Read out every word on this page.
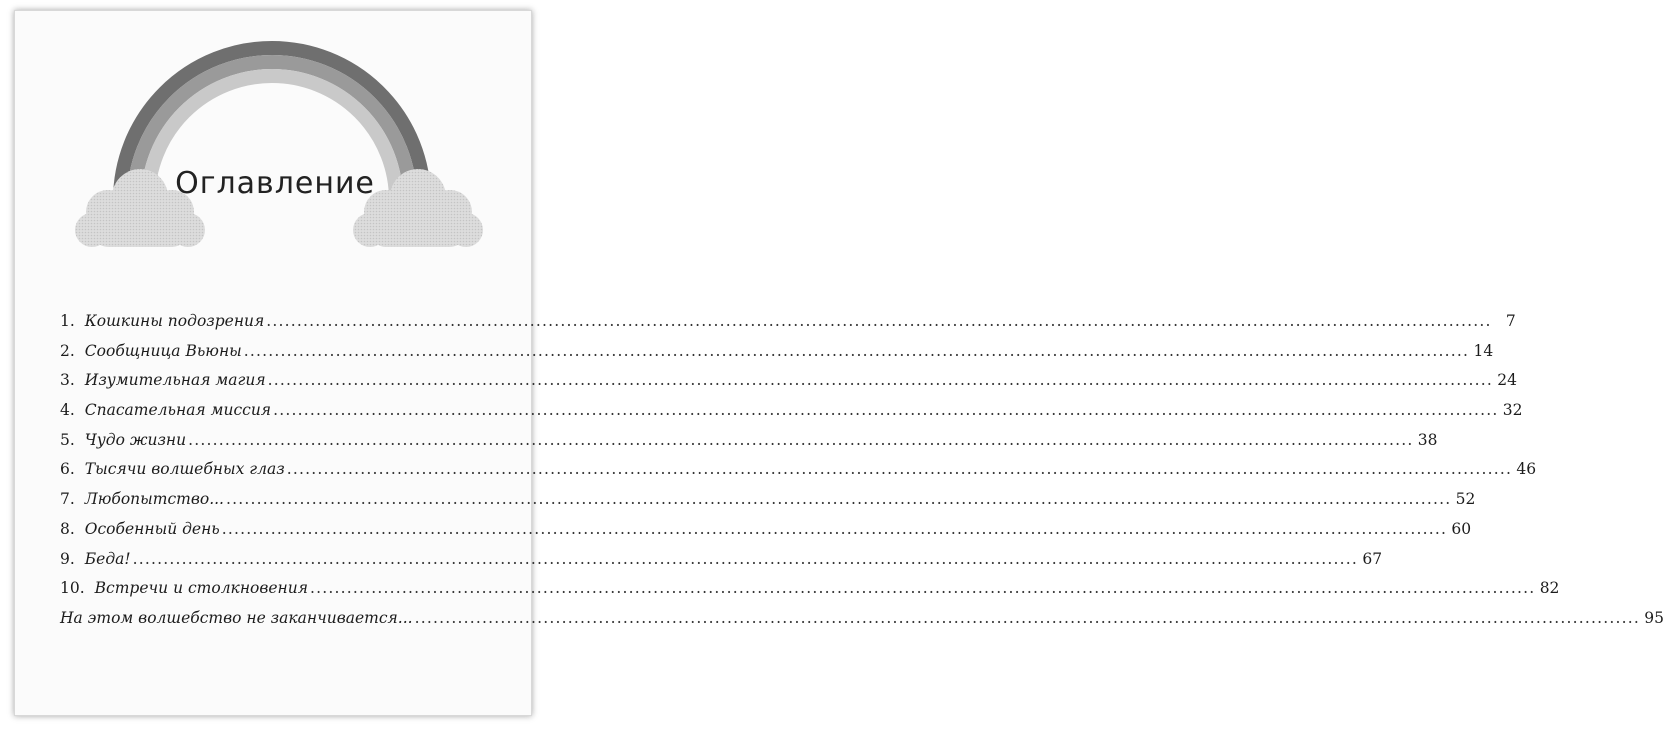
Оглавление
1. Кошкины подозрения ........................................................................................................................................................................................................ 7
2. Сообщница Вьюны ........................................................................................................................................................................................................ 14
3. Изумительная магия ........................................................................................................................................................................................................ 24
4. Спасательная миссия ........................................................................................................................................................................................................ 32
5. Чудо жизни ........................................................................................................................................................................................................ 38
6. Тысячи волшебных глаз ........................................................................................................................................................................................................ 46
7. Любопытство... ........................................................................................................................................................................................................ 52
8. Особенный день ........................................................................................................................................................................................................ 60
9. Беда! ........................................................................................................................................................................................................ 67
10. Встречи и столкновения ........................................................................................................................................................................................................ 82
На этом волшебство не заканчивается... ........................................................................................................................................................................................................ 95
